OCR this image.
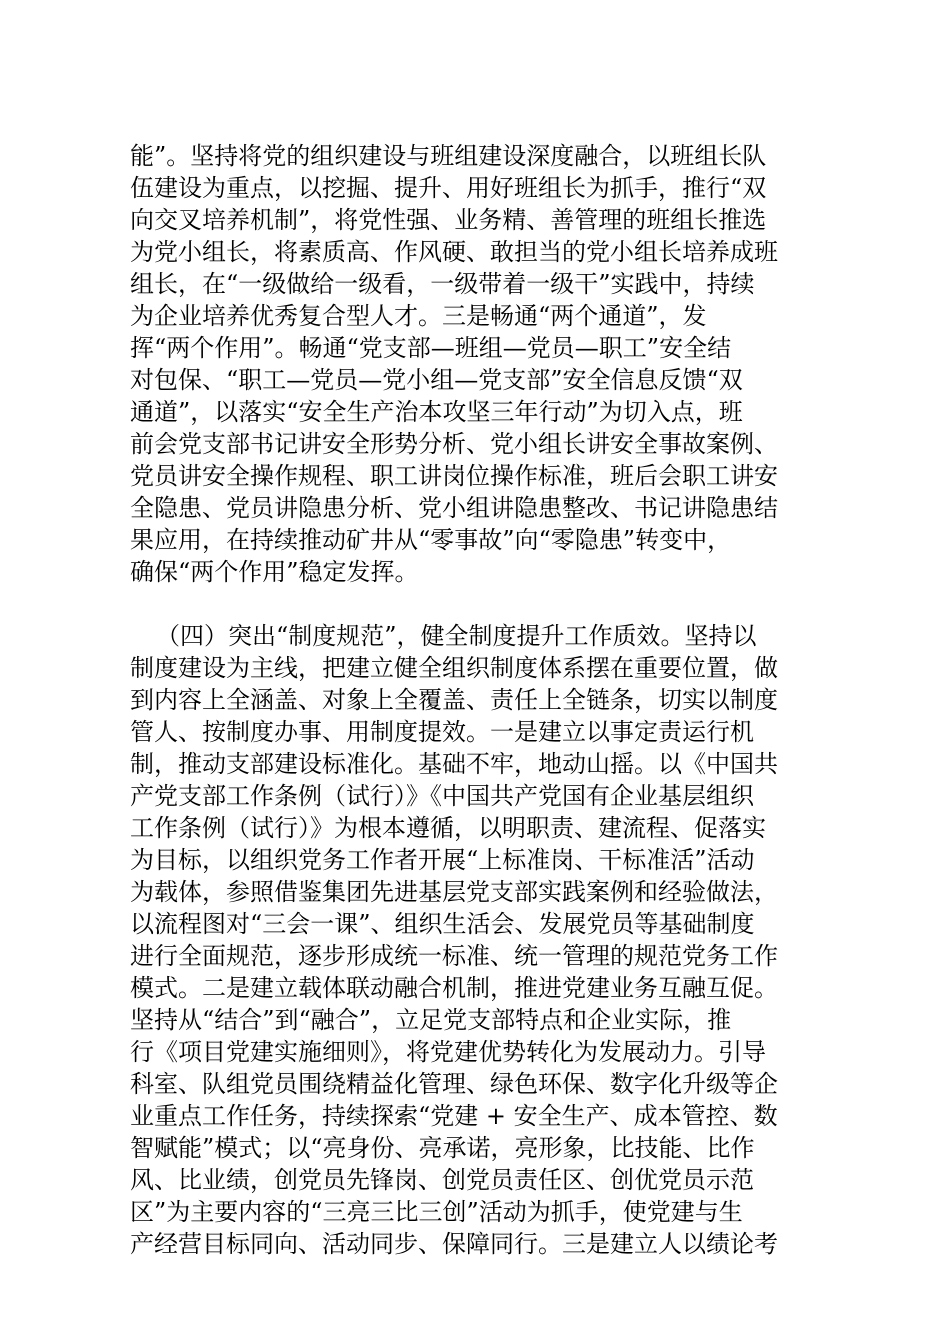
能”。坚持将党的组织建设与班组建设深度融合，以班组长队
伍建设为重点，以挖掘、提升、用好班组长为抓手，推行“双
向交叉培养机制”，将党性强、业务精、善管理的班组长推选
为党小组长，将素质高、作风硬、敢担当的党小组长培养成班
组长，在“一级做给一级看，一级带着一级干”实践中，持续
为企业培养优秀复合型人才。三是畅通“两个通道”，发
挥“两个作用”。畅通“党支部—班组—党员—职工”安全结
对包保、“职工—党员—党小组—党支部”安全信息反馈“双
通道”，以落实“安全生产治本攻坚三年行动”为切入点，班
前会党支部书记讲安全形势分析、党小组长讲安全事故案例、
党员讲安全操作规程、职工讲岗位操作标准，班后会职工讲安
全隐患、党员讲隐患分析、党小组讲隐患整改、书记讲隐患结
果应用，在持续推动矿井从“零事故”向“零隐患”转变中，
确保“两个作用”稳定发挥。
（四）突出“制度规范”，健全制度提升工作质效。坚持以
制度建设为主线，把建立健全组织制度体系摆在重要位置，做
到内容上全涵盖、对象上全覆盖、责任上全链条，切实以制度
管人、按制度办事、用制度提效。一是建立以事定责运行机
制，推动支部建设标准化。基础不牢，地动山摇。以《中国共
产党支部工作条例（试行）》《中国共产党国有企业基层组织
工作条例（试行）》为根本遵循，以明职责、建流程、促落实
为目标，以组织党务工作者开展“上标准岗、干标准活”活动
为载体，参照借鉴集团先进基层党支部实践案例和经验做法，
以流程图对“三会一课”、组织生活会、发展党员等基础制度
进行全面规范，逐步形成统一标准、统一管理的规范党务工作
模式。二是建立载体联动融合机制，推进党建业务互融互促。
坚持从“结合”到“融合”，立足党支部特点和企业实际，推
行《项目党建实施细则》，将党建优势转化为发展动力。引导
科室、队组党员围绕精益化管理、绿色环保、数字化升级等企
业重点工作任务，持续探索“党建 + 安全生产、成本管控、数
智赋能”模式；以“亮身份、亮承诺，亮形象，比技能、比作
风、比业绩，创党员先锋岗、创党员责任区、创优党员示范
区”为主要内容的“三亮三比三创”活动为抓手，使党建与生
产经营目标同向、活动同步、保障同行。三是建立人以绩论考
